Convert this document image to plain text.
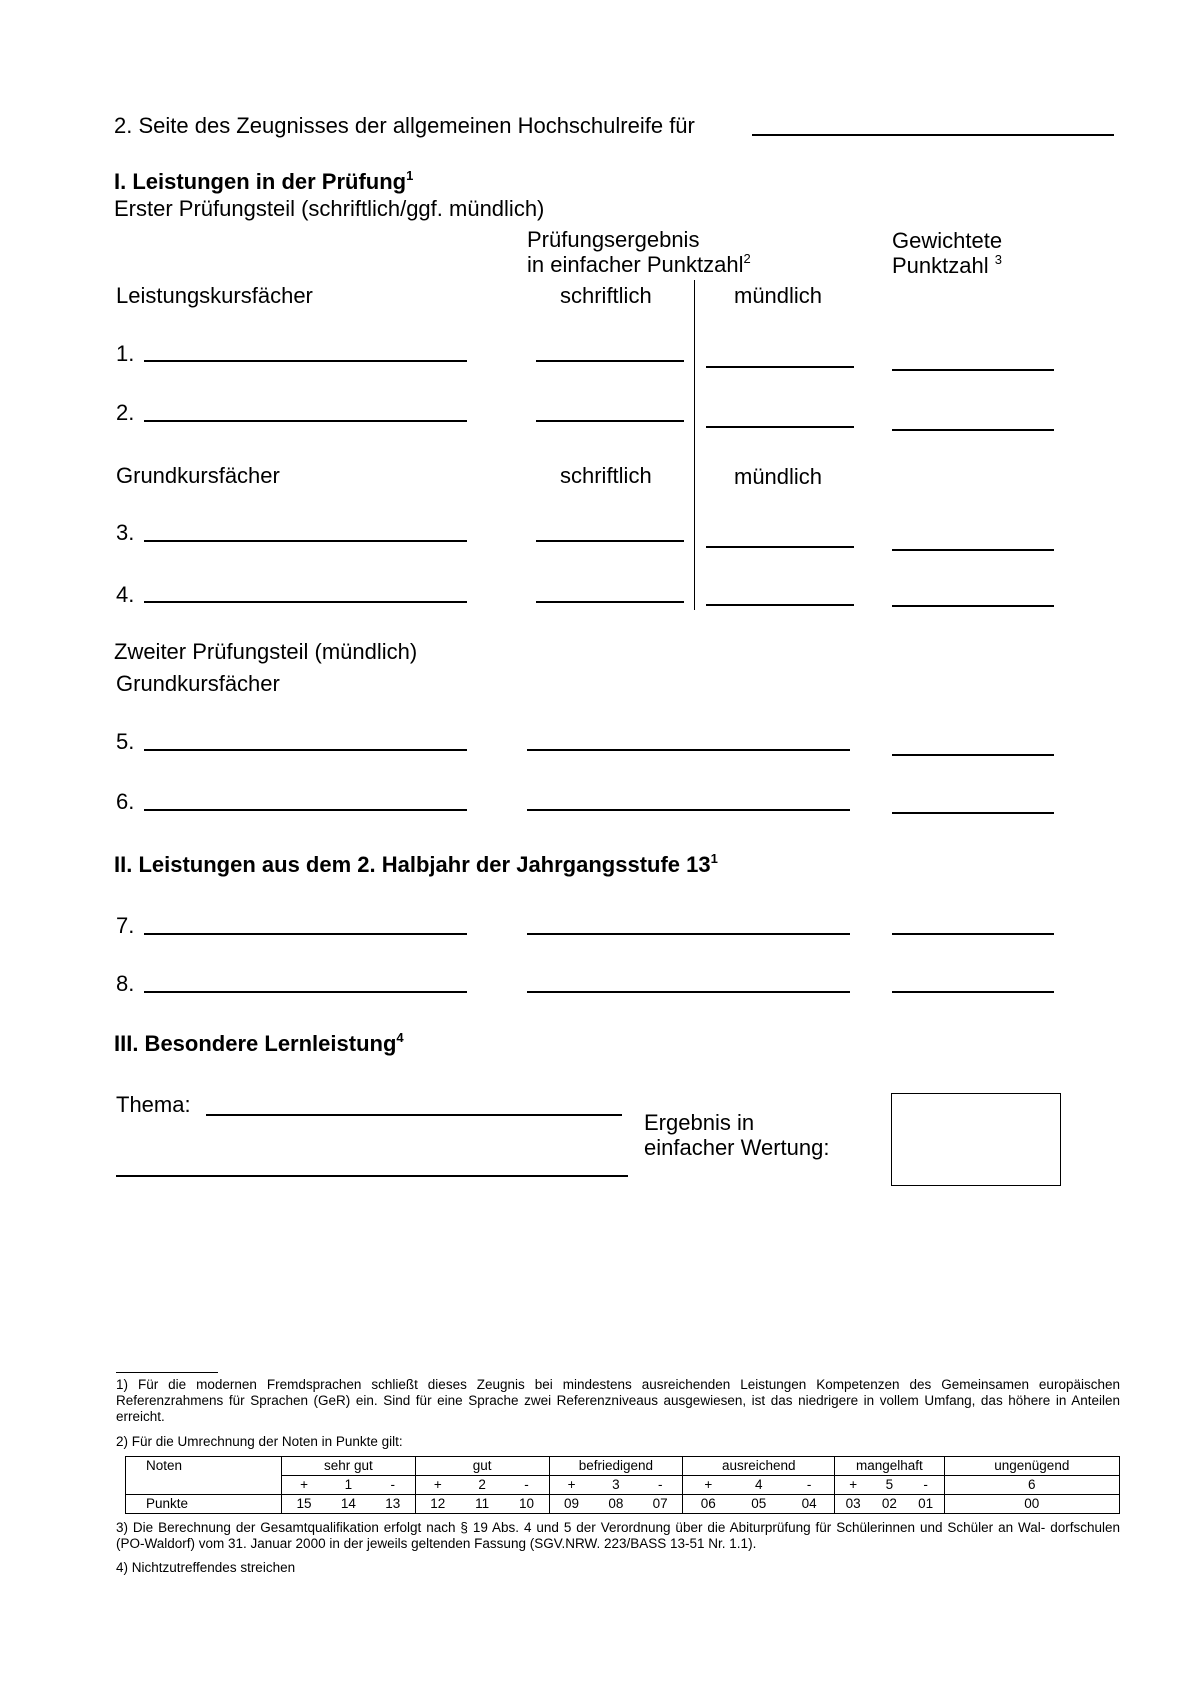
2. Seite des Zeugnisses der allgemeinen Hochschulreife für
I. Leistungen in der Prüfung$^1$
Erster Prüfungsteil (schriftlich/ggf. mündlich)
Prüfungsergebnis
in einfacher Punktzahl$^2$
Gewichtete
Punktzahl $^3$
Leistungskursfächer	schriftlich	mündlich
1.
2.
Grundkursfächer	schriftlich	mündlich
3.
4.
Zweiter Prüfungsteil (mündlich)
Grundkursfächer
5.
6.
II. Leistungen aus dem 2. Halbjahr der Jahrgangsstufe $13^1$
7.
8.
III. Besondere Lernleistung$^4$
Thema:
Ergebnis in
einfacher Wertung:
1) Für die modernen Fremdsprachen schließt dieses Zeugnis bei mindestens ausreichenden Leistungen Kompetenzen des Gemeinsamen europäischen Referenzrahmens für Sprachen (GeR) ein. Sind für eine Sprache zwei Referenzniveaus ausgewiesen, ist das niedrigere in vollem Umfang, das höhere in Anteilen erreicht.
2) Für die Umrechnung der Noten in Punkte gilt:
Noten	sehr gut			gut			befriedigend			ausreichend			mangelhaft			ungenügend
	+	1	-	+	2	-	+	3	-	+	4	-	+	5	-	6
Punkte	15	14	13	12	11	10	09	08	07	06	05	04	03	02	01	00
3) Die Berechnung der Gesamtqualifikation erfolgt nach § 19 Abs. 4 und 5 der Verordnung über die Abiturprüfung für Schülerinnen und Schüler an Wal- dorfschulen (PO-Waldorf) vom 31. Januar 2000 in der jeweils geltenden Fassung (SGV.NRW. 223/BASS 13-51 Nr. 1.1).
4) Nichtzutreffendes streichen
